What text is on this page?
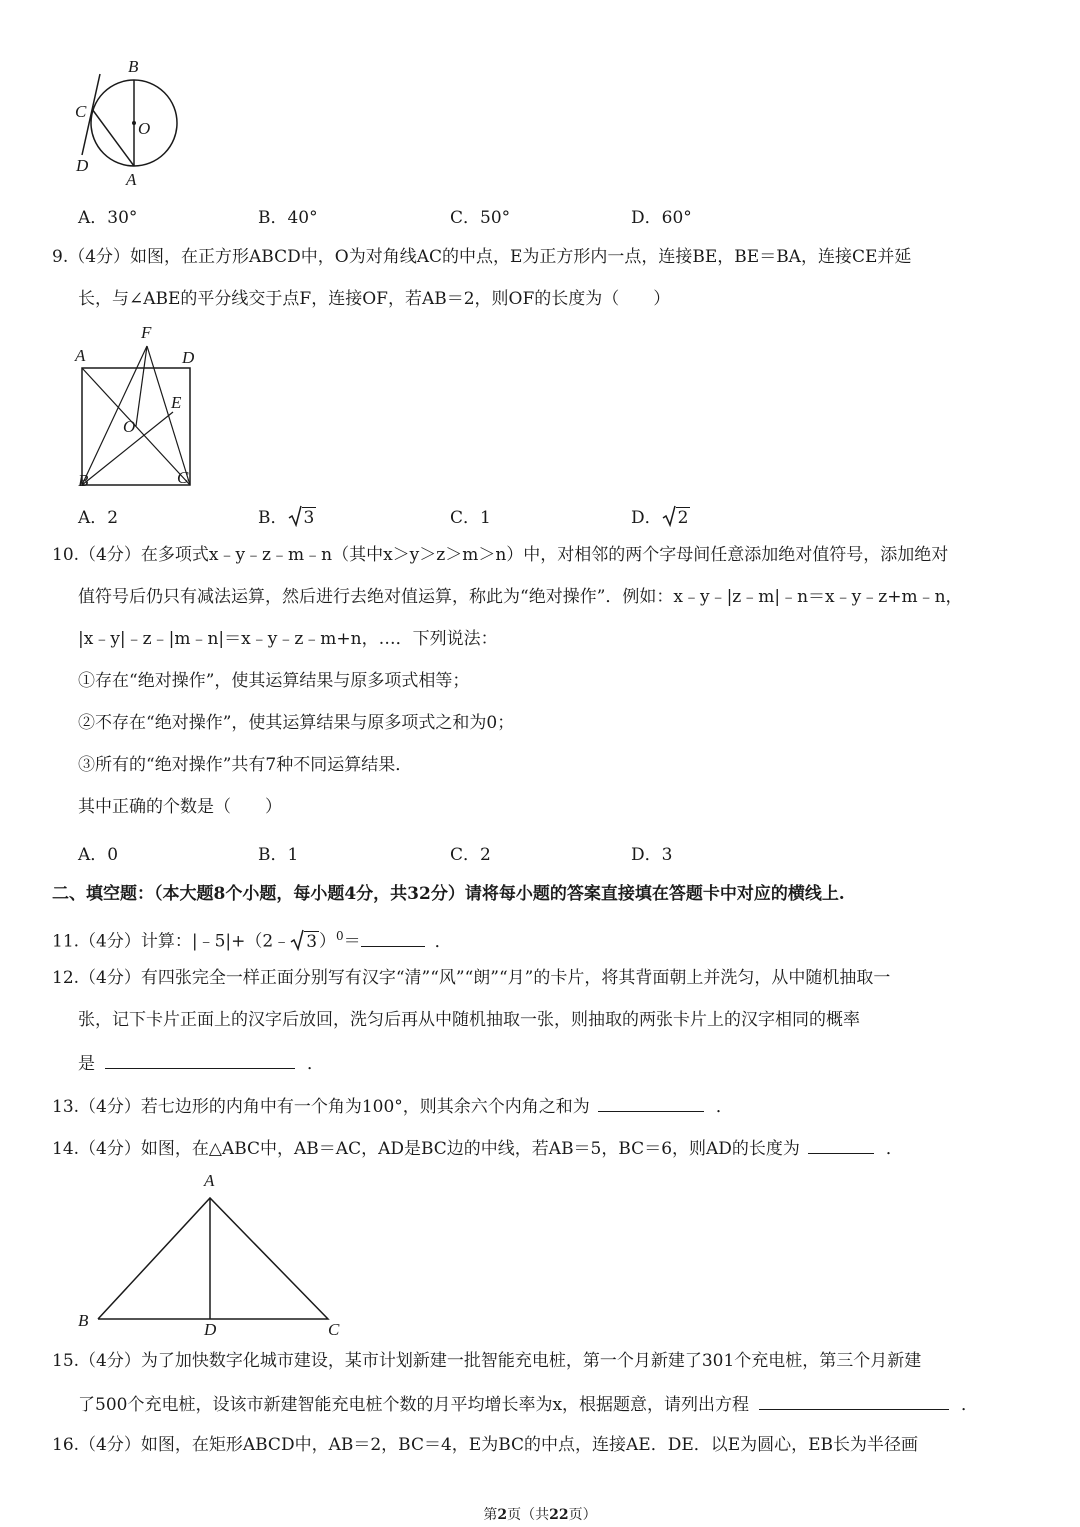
B
C
O
D
A
A．30°	B．40°	C．50°	D．60°
9.（4分）如图，在正方形ABCD中，O为对角线AC的中点，E为正方形内一点，连接BE，BE＝BA，连接CE并延
长，与∠ABE的平分线交于点F，连接OF，若AB＝2，则OF的长度为（　　）
F
A	D
E
O
B	C
A．2	B． 3	C．1	D． 2
10.（4分）在多项式x﹣y﹣z﹣m﹣n（其中x＞y＞z＞m＞n）中，对相邻的两个字母间任意添加绝对值符号，添加绝对
值符号后仍只有减法运算，然后进行去绝对值运算，称此为“绝对操作”．例如：x﹣y﹣|z﹣m|﹣n＝x﹣y﹣z+m﹣n，
|x﹣y|﹣z﹣|m﹣n|＝x﹣y﹣z﹣m+n，…．下列说法：
①存在“绝对操作”，使其运算结果与原多项式相等；
②不存在“绝对操作”，使其运算结果与原多项式之和为0；
③所有的“绝对操作”共有7种不同运算结果．
其中正确的个数是（　　）
A．0	B．1	C．2	D．3
二、填空题：（本大题8个小题，每小题4分，共32分）请将每小题的答案直接填在答题卡中对应的横线上.
11.（4分）计算：|﹣5|+（2﹣ 3 ）$^0$＝	．
12.（4分）有四张完全一样正面分别写有汉字“清”“风”“朗”“月”的卡片，将其背面朝上并洗匀，从中随机抽取一
张，记下卡片正面上的汉字后放回，洗匀后再从中随机抽取一张，则抽取的两张卡片上的汉字相同的概率
是	．
13.（4分）若七边形的内角中有一个角为100°，则其余六个内角之和为	．
14.（4分）如图，在△ABC中，AB＝AC，AD是BC边的中线，若AB＝5，BC＝6，则AD的长度为	．
A
B	D	C
15.（4分）为了加快数字化城市建设，某市计划新建一批智能充电桩，第一个月新建了301个充电桩，第三个月新建
了500个充电桩，设该市新建智能充电桩个数的月平均增长率为x，根据题意，请列出方程	．
16.（4分）如图，在矩形ABCD中，AB＝2，BC＝4，E为BC的中点，连接AE．DE．以E为圆心，EB长为半径画
第2页（共22页）
